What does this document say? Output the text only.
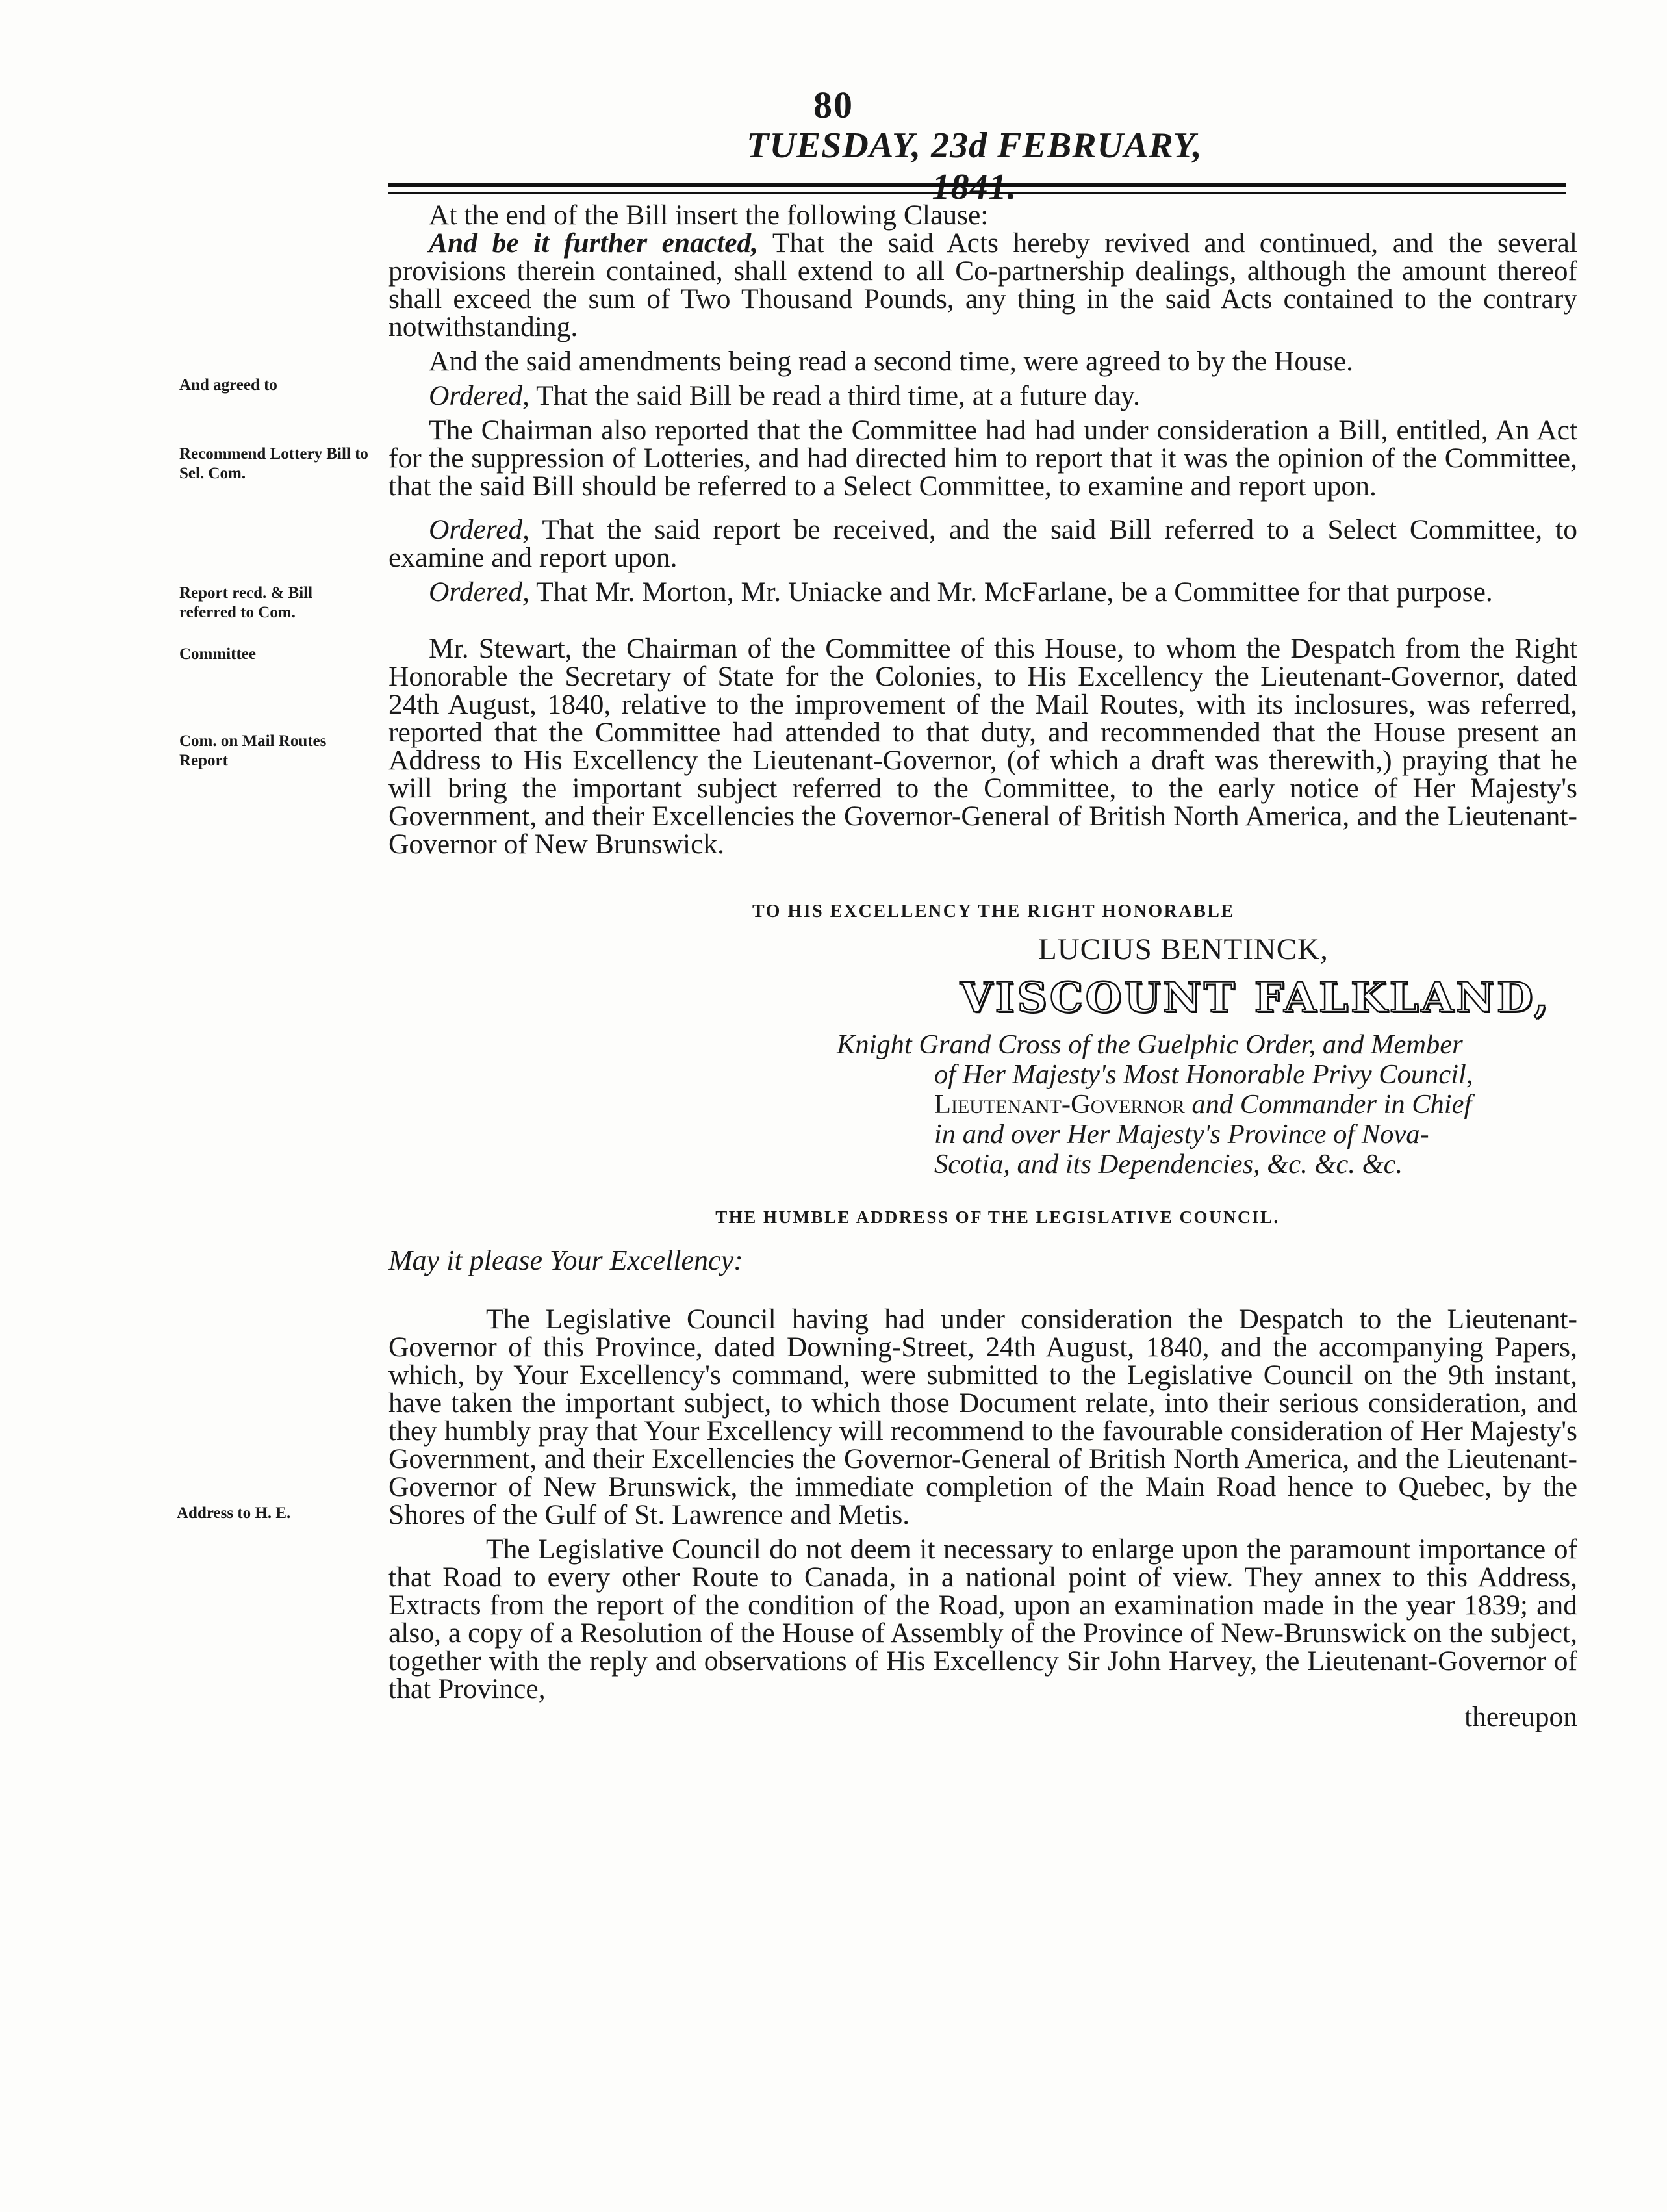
80
TUESDAY, 23d FEBRUARY, 1841.
And agreed to
Recommend Lottery Bill to Sel. Com.
Report recd. & Bill referred to Com.
Committee
Com. on Mail Routes Report
Address to H. E.

At the end of the Bill insert the following Clause:

And be it further enacted, That the said Acts hereby revived and continued, and the several provisions therein contained, shall extend to all Co-partnership dealings, although the amount thereof shall exceed the sum of Two Thousand Pounds, any thing in the said Acts contained to the contrary notwithstanding.

And the said amendments being read a second time, were agreed to by the House.

Ordered, That the said Bill be read a third time, at a future day.

The Chairman also reported that the Committee had had under consideration a Bill, entitled, An Act for the suppression of Lotteries, and had directed him to report that it was the opinion of the Committee, that the said Bill should be referred to a Select Committee, to examine and report upon.

Ordered, That the said report be received, and the said Bill referred to a Select Committee, to examine and report upon.

Ordered, That Mr. Morton, Mr. Uniacke and Mr. McFarlane, be a Committee for that purpose.

Mr. Stewart, the Chairman of the Committee of this House, to whom the Despatch from the Right Honorable the Secretary of State for the Colonies, to His Excellency the Lieutenant-Governor, dated 24th August, 1840, relative to the improvement of the Mail Routes, with its inclosures, was referred, reported that the Committee had attended to that duty, and recommended that the House present an Address to His Excellency the Lieutenant-Governor, (of which a draft was therewith,) praying that he will bring the important subject referred to the Committee, to the early notice of Her Majesty's Government, and their Excellencies the Governor-General of British North America, and the Lieutenant-Governor of New Brunswick.

TO HIS EXCELLENCY THE RIGHT HONORABLE

LUCIUS BENTINCK,

VISCOUNT FALKLAND,

Knight Grand Cross of the Guelphic Order, and Member
of Her Majesty's Most Honorable Privy Council,
Lieutenant-Governor and Commander in Chief
in and over Her Majesty's Province of Nova-
Scotia, and its Dependencies, &c. &c. &c.

THE HUMBLE ADDRESS OF THE LEGISLATIVE COUNCIL.

May it please Your Excellency:

The Legislative Council having had under consideration the Despatch to the Lieutenant-Governor of this Province, dated Downing-Street, 24th August, 1840, and the accompanying Papers, which, by Your Excellency's command, were submitted to the Legislative Council on the 9th instant, have taken the important subject, to which those Document relate, into their serious consideration, and they humbly pray that Your Excellency will recommend to the favourable consideration of Her Majesty's Government, and their Excellencies the Governor-General of British North America, and the Lieutenant-Governor of New Brunswick, the immediate completion of the Main Road hence to Quebec, by the Shores of the Gulf of St. Lawrence and Metis.

The Legislative Council do not deem it necessary to enlarge upon the paramount importance of that Road to every other Route to Canada, in a national point of view. They annex to this Address, Extracts from the report of the condition of the Road, upon an examination made in the year 1839; and also, a copy of a Resolution of the House of Assembly of the Province of New-Brunswick on the subject, together with the reply and observations of His Excellency Sir John Harvey, the Lieutenant-Governor of that Province,

thereupon
